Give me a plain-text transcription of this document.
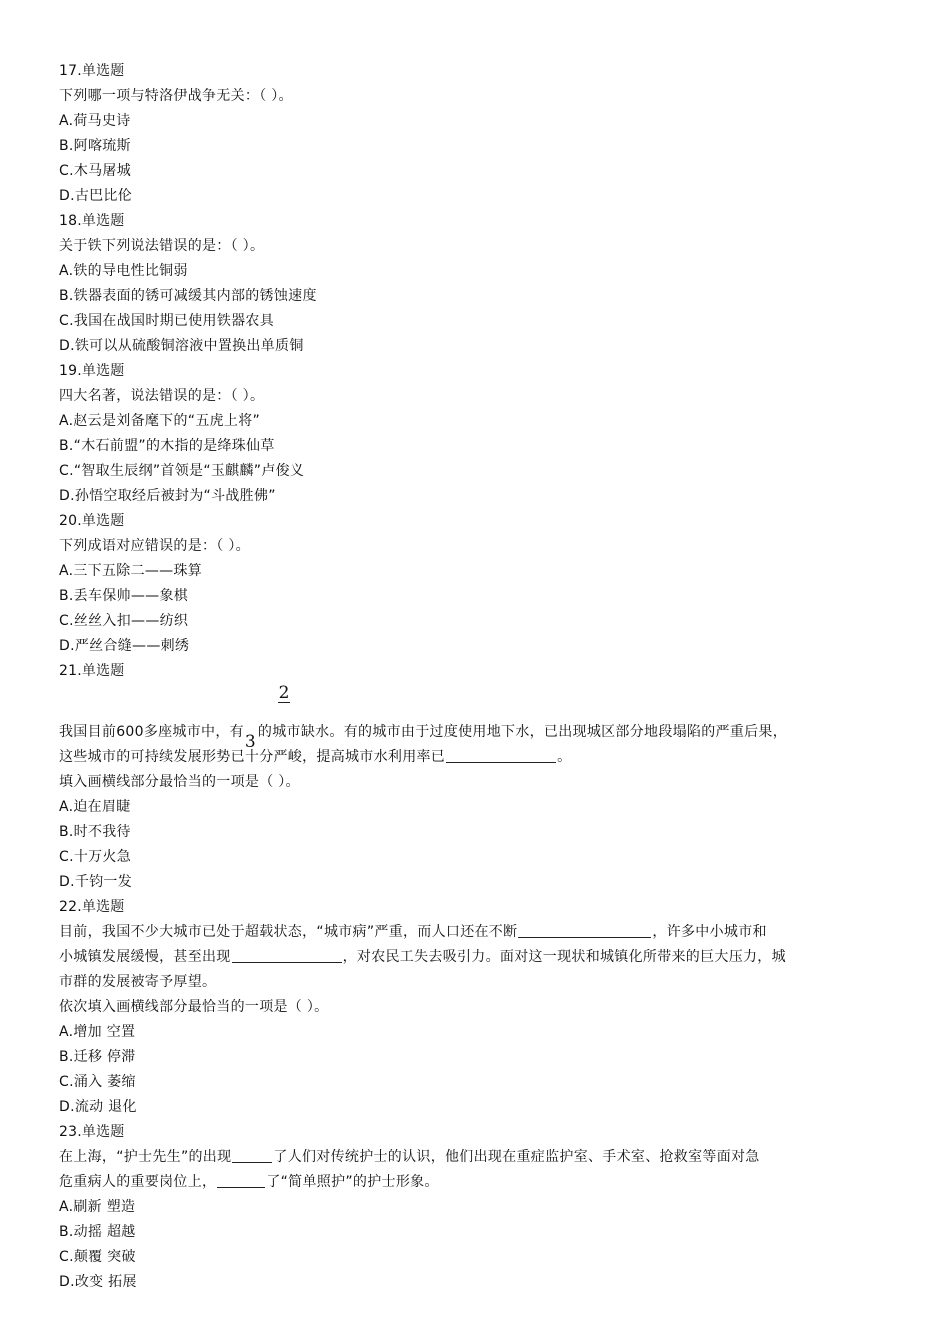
17.单选题
下列哪一项与特洛伊战争无关：（ ）。
A.荷马史诗
B.阿喀琉斯
C.木马屠城
D.古巴比伦
18.单选题
关于铁下列说法错误的是：（ ）。
A.铁的导电性比铜弱
B.铁器表面的锈可减缓其内部的锈蚀速度
C.我国在战国时期已使用铁器农具
D.铁可以从硫酸铜溶液中置换出单质铜
19.单选题
四大名著，说法错误的是：（ ）。
A.赵云是刘备麾下的“五虎上将”
B.“木石前盟”的木指的是绛珠仙草
C.“智取生辰纲”首领是“玉麒麟”卢俊义
D.孙悟空取经后被封为“斗战胜佛”
20.单选题
下列成语对应错误的是：（ ）。
A.三下五除二——珠算
B.丢车保帅——象棋
C.丝丝入扣——纺织
D.严丝合缝——刺绣
21.单选题
2
我国目前600多座城市中，有 3 的城市缺水。有的城市由于过度使用地下水，已出现城区部分地段塌陷的严重后果，
这些城市的可持续发展形势已十分严峻，提高城市水利用率已	。
填入画横线部分最恰当的一项是（ ）。
A.迫在眉睫
B.时不我待
C.十万火急
D.千钧一发
22.单选题
目前，我国不少大城市已处于超载状态，“城市病”严重，而人口还在不断	，许多中小城市和
小城镇发展缓慢，甚至出现	，对农民工失去吸引力。面对这一现状和城镇化所带来的巨大压力，城
市群的发展被寄予厚望。
依次填入画横线部分最恰当的一项是（ ）。
A.增加 空置
B.迁移 停滞
C.涌入 萎缩
D.流动 退化
23.单选题
在上海，“护士先生”的出现	了人们对传统护士的认识，他们出现在重症监护室、手术室、抢救室等面对急
危重病人的重要岗位上，	了“简单照护”的护士形象。
A.刷新 塑造
B.动摇 超越
C.颠覆 突破
D.改变 拓展
